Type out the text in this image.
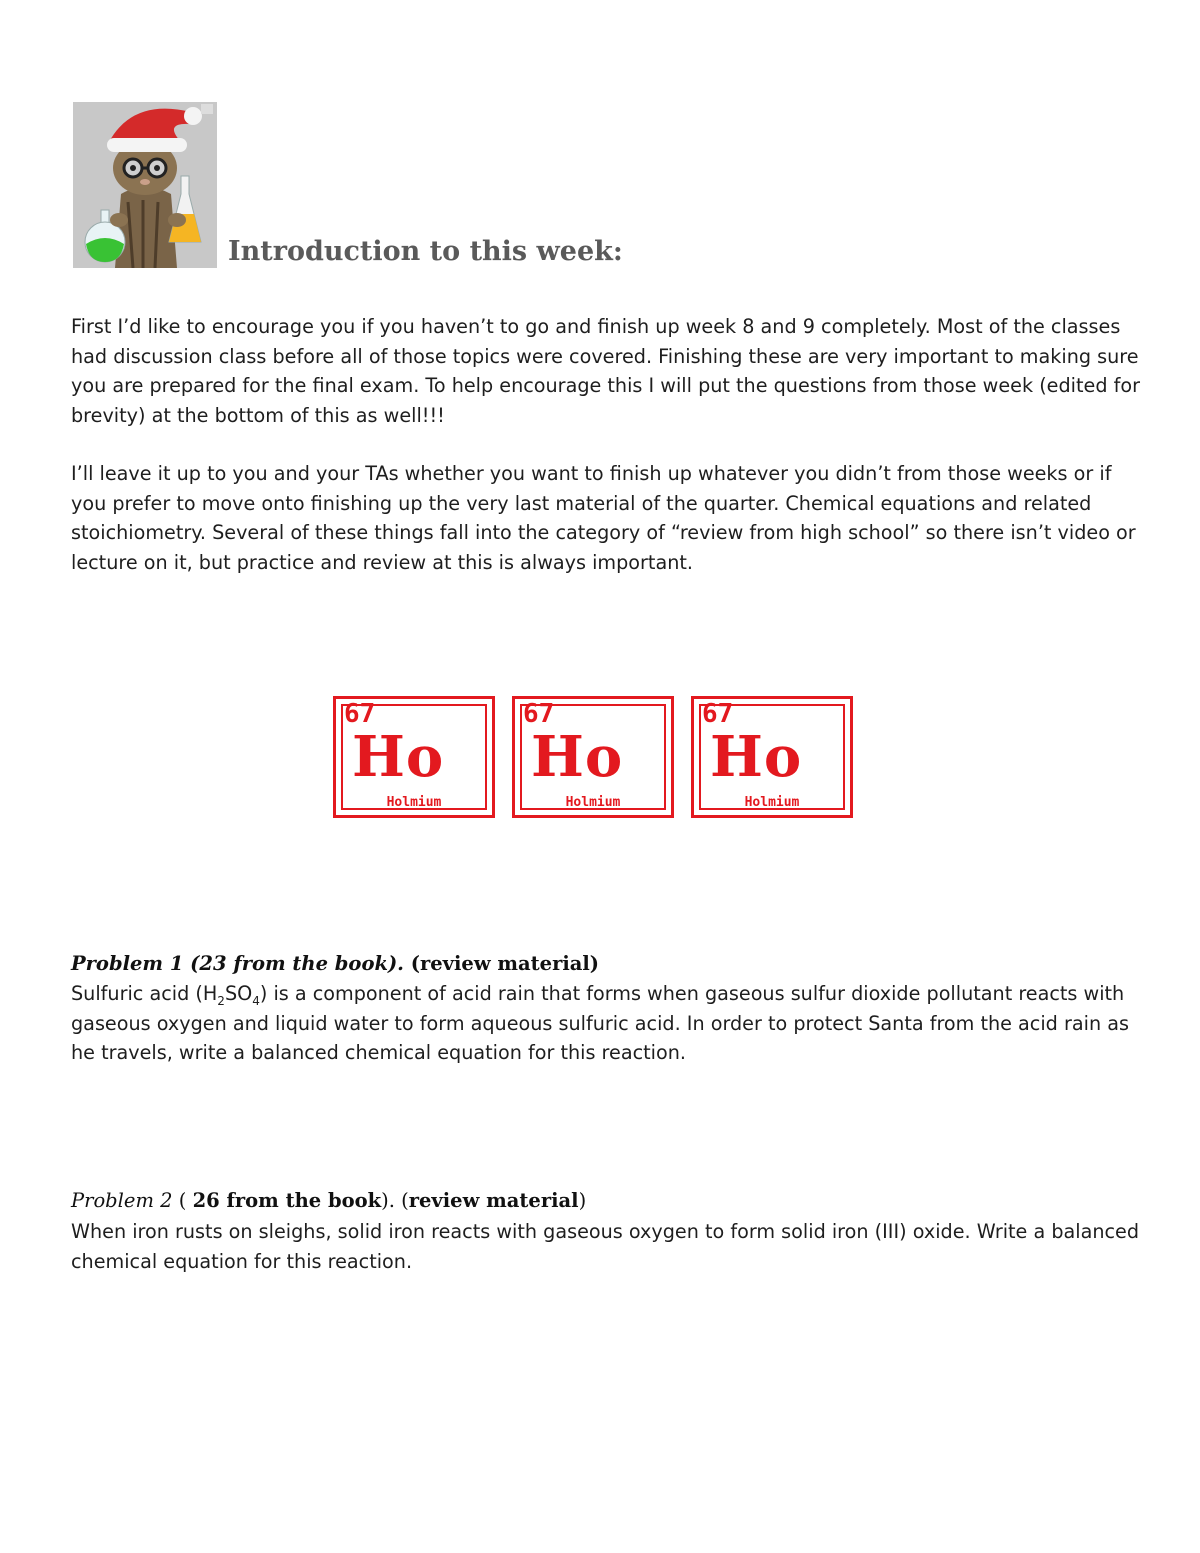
Introduction to this week:

First I’d like to encourage you if you haven’t to go and finish up week 8 and 9 completely. Most of the classes had discussion class before all of those topics were covered. Finishing these are very important to making sure you are prepared for the final exam. To help encourage this I will put the questions from those week (edited for brevity) at the bottom of this as well!!!

I’ll leave it up to you and your TAs whether you want to finish up whatever you didn’t from those weeks or if you prefer to move onto finishing up the very last material of the quarter. Chemical equations and related stoichiometry. Several of these things fall into the category of “review from high school” so there isn’t video or lecture on it, but practice and review at this is always important.

67
Ho
Holmium
67
Ho
Holmium
67
Ho
Holmium
Problem 1 (23 from the book). (review material)

Sulfuric acid $(H_2SO_4)$ is a component of acid rain that forms when gaseous sulfur dioxide pollutant reacts with gaseous oxygen and liquid water to form aqueous sulfuric acid. In order to protect Santa from the acid rain as he travels, write a balanced chemical equation for this reaction.

Problem 2 ( 26 from the book). (review material)

When iron rusts on sleighs, solid iron reacts with gaseous oxygen to form solid iron (III) oxide. Write a balanced chemical equation for this reaction.
